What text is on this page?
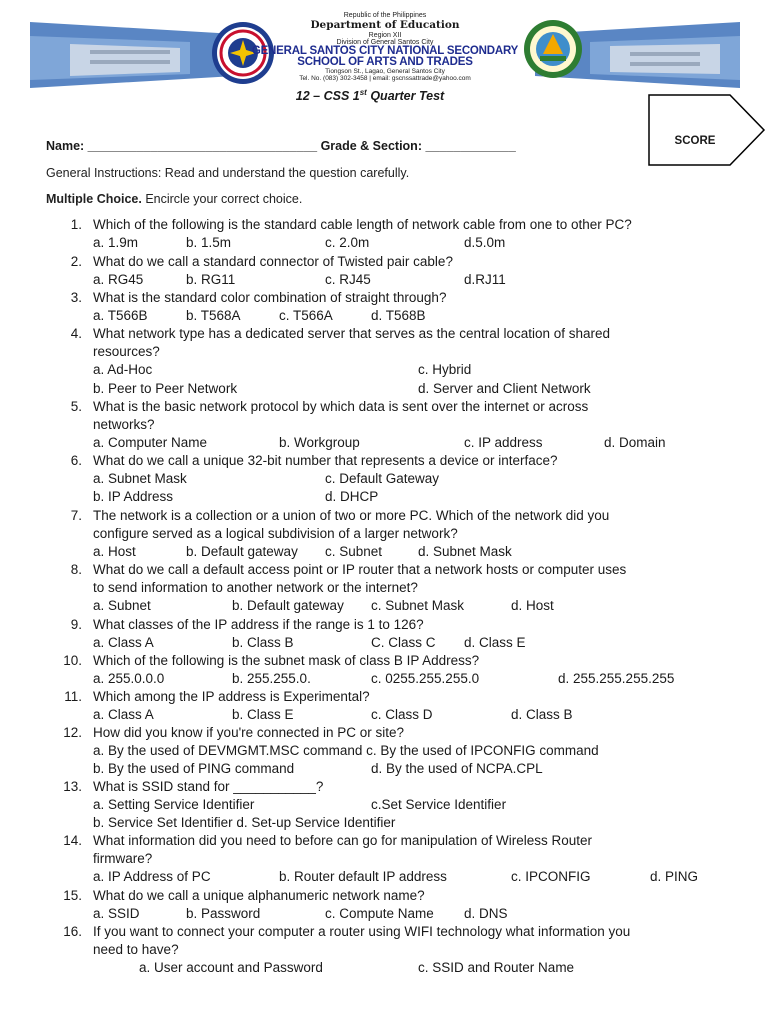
Republic of the Philippines
Department of Education
Region XII
Division of General Santos City
GENERAL SANTOS CITY NATIONAL SECONDARY
SCHOOL OF ARTS AND TRADES
Tiongson St., Lagao, General Santos City
Tel. No. (083) 302-3458 | email: gscnssattrade@yahoo.com
12 – CSS 1st Quarter Test
SCORE
Name: _________________________________ Grade & Section: _____________
General Instructions: Read and understand the question carefully.
Multiple Choice. Encircle your correct choice.
1. Which of the following is the standard cable length of network cable from one to other PC?
a. 1.9m	b. 1.5m	c. 2.0m	d.5.0m
2. What do we call a standard connector of Twisted pair cable?
a. RG45	b. RG11	c. RJ45	d.RJ11
3. What is the standard color combination of straight through?
a. T566B	b. T568A	c. T566A	d. T568B
4. What network type has a dedicated server that serves as the central location of shared
resources?
a. Ad-Hoc	c. Hybrid
b. Peer to Peer Network	d. Server and Client Network
5. What is the basic network protocol by which data is sent over the internet or across
networks?
a. Computer Name	b. Workgroup	c. IP address	d. Domain
6. What do we call a unique 32-bit number that represents a device or interface?
a. Subnet Mask	c. Default Gateway
b. IP Address	d. DHCP
7. The network is a collection or a union of two or more PC. Which of the network did you
configure served as a logical subdivision of a larger network?
a. Host	b. Default gateway c. Subnet	d. Subnet Mask
8. What do we call a default access point or IP router that a network hosts or computer uses
to send information to another network or the internet?
a. Subnet	b. Default gateway c. Subnet Mask	d. Host
9. What classes of the IP address if the range is 1 to 126?
a. Class A	b. Class B	C. Class C d. Class E
10. Which of the following is the subnet mask of class B IP Address?
a. 255.0.0.0	b. 255.255.0.	c. 0255.255.255.0	d. 255.255.255.255
11. Which among the IP address is Experimental?
a. Class A	b. Class E	c. Class D	d. Class B
12. How did you know if you're connected in PC or site?
a. By the used of DEVMGMT.MSC command c. By the used of IPCONFIG command
b. By the used of PING command	d. By the used of NCPA.CPL
13. What is SSID stand for ___________?
a. Setting Service Identifier	c.Set Service Identifier
b. Service Set Identifier d. Set-up Service Identifier
14. What information did you need to before can go for manipulation of Wireless Router
firmware?
a. IP Address of PC	b. Router default IP address	c. IPCONFIG	d. PING
15. What do we call a unique alphanumeric network name?
a. SSID	b. Password	c. Compute Name d. DNS
16. If you want to connect your computer a router using WIFI technology what information you
need to have?
a. User account and Password	c. SSID and Router Name
